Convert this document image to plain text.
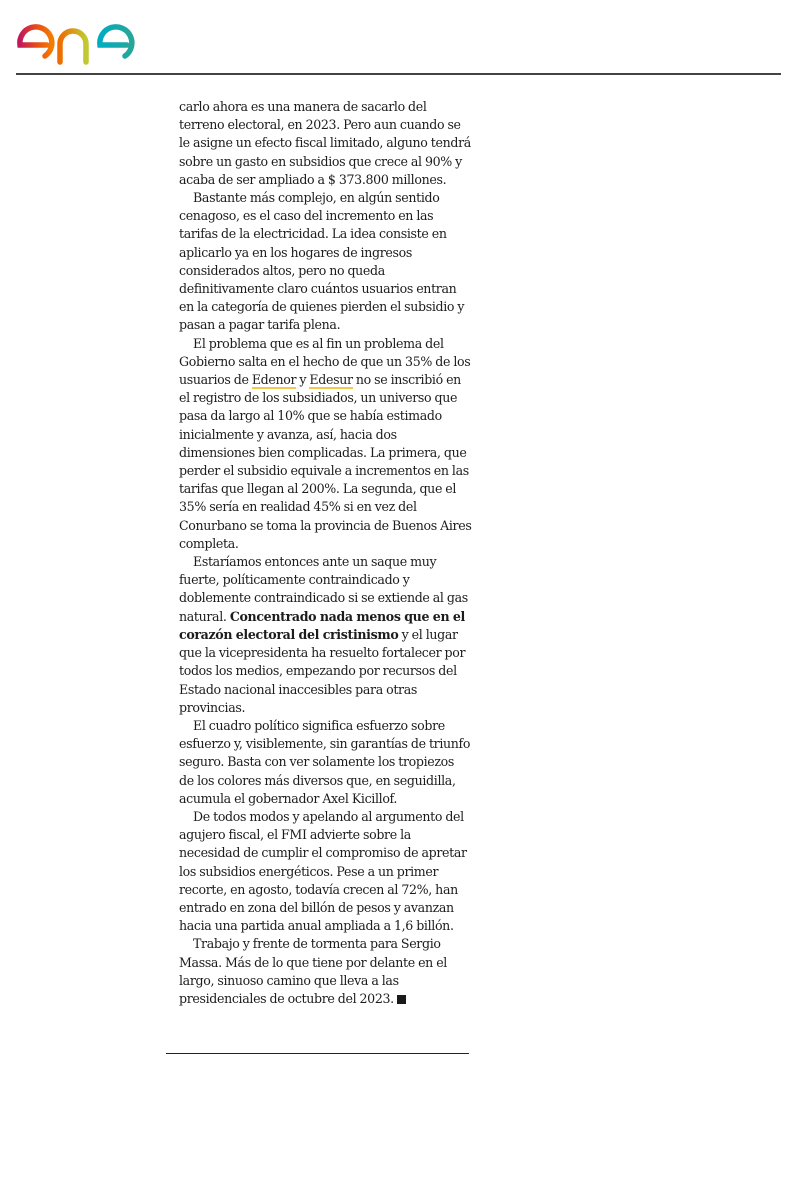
carlo ahora es una manera de sacarlo del terreno electoral, en 2023. Pero aun cuando se le asigne un efecto fiscal limitado, alguno tendrá sobre un gasto en subsidios que crece al 90% y acaba de ser ampliado a $ 373.800 millones.

Bastante más complejo, en algún sentido cenagoso, es el caso del incremento en las tarifas de la electricidad. La idea consiste en aplicarlo ya en los hogares de ingresos considerados altos, pero no queda definitivamente claro cuántos usuarios entran en la categoría de quienes pierden el subsidio y pasan a pagar tarifa plena.

El problema que es al fin un problema del Gobierno salta en el hecho de que un 35% de los usuarios de Edenor y Edesur no se inscribió en el registro de los subsidiados, un universo que pasa da largo al 10% que se había estimado inicialmente y avanza, así, hacia dos dimensiones bien complicadas. La primera, que perder el subsidio equivale a incrementos en las tarifas que llegan al 200%. La segunda, que el 35% sería en realidad 45% si en vez del Conurbano se toma la provincia de Buenos Aires completa.

Estaríamos entonces ante un saque muy fuerte, políticamente contraindicado y doblemente contraindicado si se extiende al gas natural. Concentrado nada menos que en el corazón electoral del cristinismo y el lugar que la vicepresidenta ha resuelto fortalecer por todos los medios, empezando por recursos del Estado nacional inaccesibles para otras provincias.

El cuadro político significa esfuerzo sobre esfuerzo y, visiblemente, sin garantías de triunfo seguro. Basta con ver solamente los tropiezos de los colores más diversos que, en seguidilla, acumula el gobernador Axel Kicillof.

De todos modos y apelando al argumento del agujero fiscal, el FMI advierte sobre la necesidad de cumplir el compromiso de apretar los subsidios energéticos. Pese a un primer recorte, en agosto, todavía crecen al 72%, han entrado en zona del billón de pesos y avanzan hacia una partida anual ampliada a 1,6 billón.

Trabajo y frente de tormenta para Sergio Massa. Más de lo que tiene por delante en el largo, sinuoso camino que lleva a las presidenciales de octubre del 2023.
